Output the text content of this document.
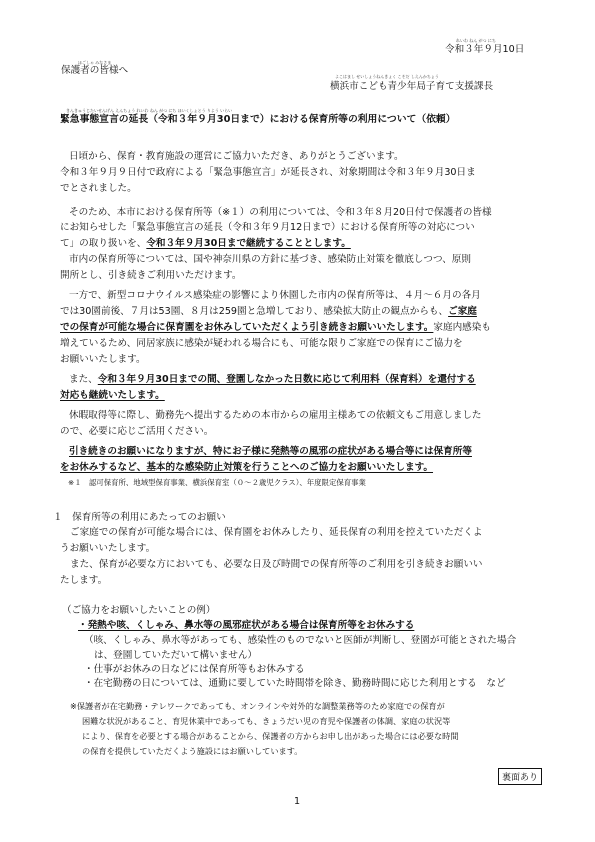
れいわ ねん がつ にち
令和３年９月10日
ほごしゃ みなさま
保護者の皆様へ
よこはまし せいしょうねんきょく こそだ しえんかちょう
横浜市こども青少年局子育て支援課長
きんきゅうじたいせんげん えんちょう れいわ ねん がつ にち ほいくしょとう りよう いらい
緊急事態宣言の延長（令和３年９月30日まで）における保育所等の利用について（依頼）
日頃から、保育・教育施設の運営にご協力いただき、ありがとうございます。
令和３年９月９日付で政府による「緊急事態宣言」が延長され、対象期間は令和３年９月30日ま
でとされました。
そのため、本市における保育所等（※１）の利用については、令和３年８月20日付で保護者の皆様
にお知らせした「緊急事態宣言の延長（令和３年９月12日まで）における保育所等の対応につい
て」の取り扱いを、令和３年９月30日まで継続することとします。
市内の保育所等については、国や神奈川県の方針に基づき、感染防止対策を徹底しつつ、原則
開所とし、引き続きご利用いただけます。
一方で、新型コロナウイルス感染症の影響により休園した市内の保育所等は、４月～６月の各月
では30園前後、７月は53園、８月は259園と急増しており、感染拡大防止の観点からも、ご家庭
での保育が可能な場合に保育園をお休みしていただくよう引き続きお願いいたします。家庭内感染も
増えているため、同居家族に感染が疑われる場合にも、可能な限りご家庭での保育にご協力を
お願いいたします。
また、令和３年９月30日までの間、登園しなかった日数に応じて利用料（保育料）を還付する
対応も継続いたします。
休暇取得等に際し、勤務先へ提出するための本市からの雇用主様あての依頼文もご用意しました
ので、必要に応じご活用ください。
引き続きのお願いになりますが、特にお子様に発熱等の風邪の症状がある場合等には保育所等
をお休みするなど、基本的な感染防止対策を行うことへのご協力をお願いいたします。
※１　認可保育所、地域型保育事業、横浜保育室（０～２歳児クラス）、年度限定保育事業
１　保育所等の利用にあたってのお願い
ご家庭での保育が可能な場合には、保育園をお休みしたり、延長保育の利用を控えていただくよ
うお願いいたします。
また、保育が必要な方においても、必要な日及び時間での保育所等のご利用を引き続きお願いい
たします。
（ご協力をお願いしたいことの例）
・発熱や咳、くしゃみ、鼻水等の風邪症状がある場合は保育所等をお休みする
（咳、くしゃみ、鼻水等があっても、感染性のものでないと医師が判断し、登園が可能とされた場合
は、登園していただいて構いません）
・仕事がお休みの日などには保育所等もお休みする
・在宅勤務の日については、通勤に要していた時間帯を除き、勤務時間に応じた利用とする　など
※保護者が在宅勤務・テレワークであっても、オンラインや対外的な調整業務等のため家庭での保育が
困難な状況があること、育児休業中であっても、きょうだい児の育児や保護者の体調、家庭の状況等
により、保育を必要とする場合があることから、保護者の方からお申し出があった場合には必要な時間
の保育を提供していただくよう施設にはお願いしています。
裏面あり
1
